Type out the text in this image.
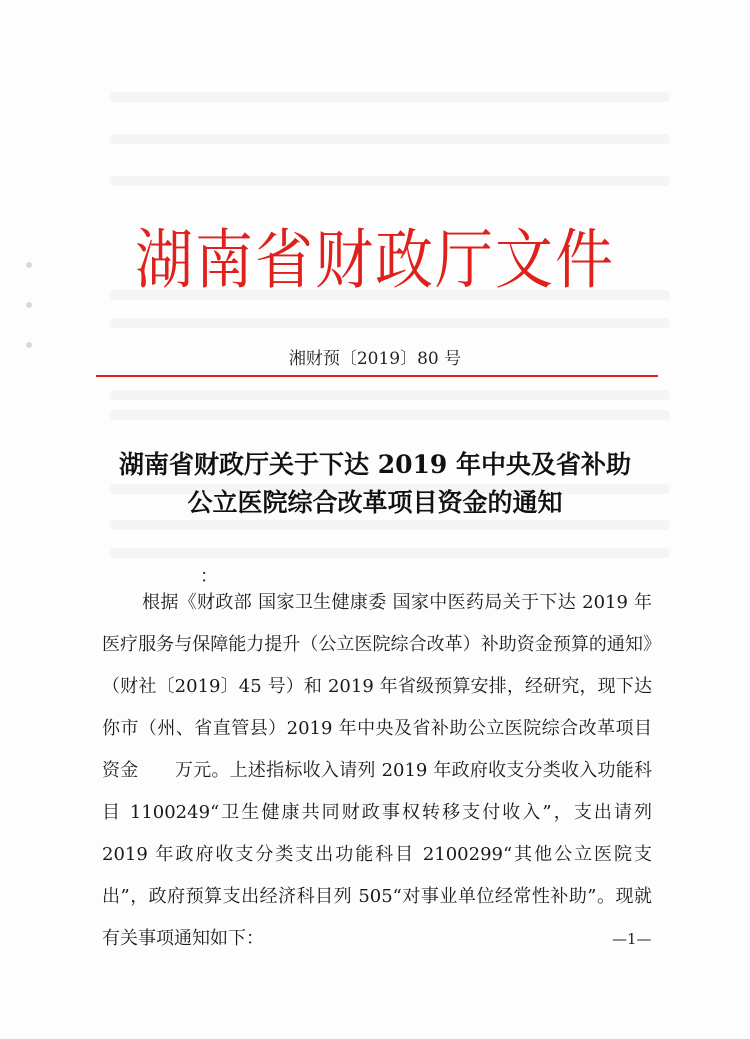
湖南省财政厅文件
湘财预〔2019〕80 号
湖南省财政厅关于下达 2019 年中央及省补助
公立医院综合改革项目资金的通知
：

根据《财政部 国家卫生健康委 国家中医药局关于下达 2019 年医疗服务与保障能力提升（公立医院综合改革）补助资金预算的通知》（财社〔2019〕45 号）和 2019 年省级预算安排，经研究，现下达你市（州、省直管县）2019 年中央及省补助公立医院综合改革项目资金　　万元。上述指标收入请列 2019 年政府收支分类收入功能科目 1100249“卫生健康共同财政事权转移支付收入”，支出请列 2019 年政府收支分类支出功能科目 2100299“其他公立医院支出”，政府预算支出经济科目列 505“对事业单位经常性补助”。现就有关事项通知如下：	—1—
